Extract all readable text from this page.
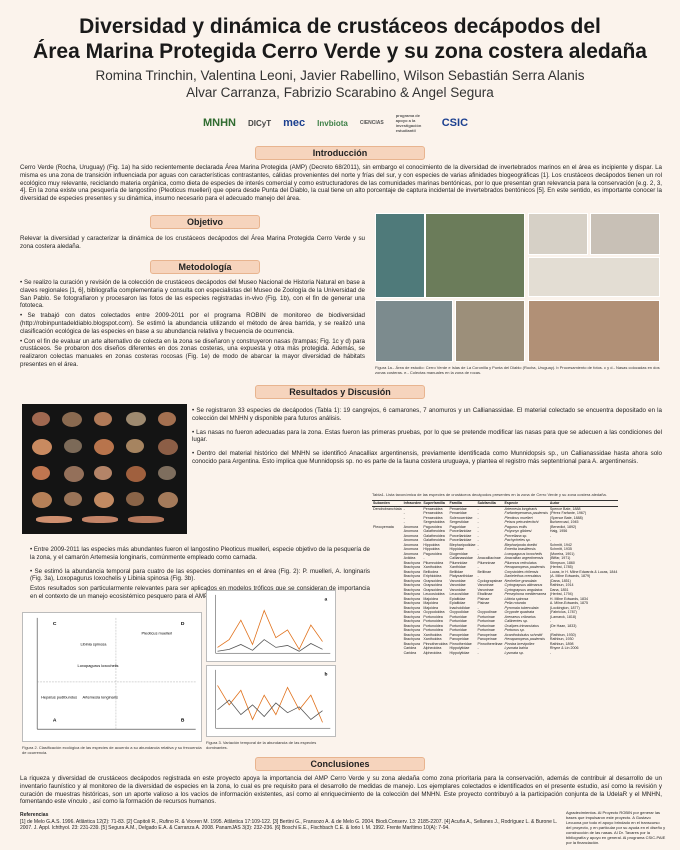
Diversidad y dinámica de crustáceos decápodos del
Área Marina Protegida Cerro Verde y su zona costera aledaña
Romina Trinchin, Valentina Leoni, Javier Rabellino, Wilson Sebastián Serra Alanis
Alvar Carranza, Fabrizio Scarabino & Angel Segura
MNHN	DICyT mec	Invbiota	CIENCIAS
programa de apoyo a la investigación estudiantil
CSIC
Introducción
Cerro Verde (Rocha, Uruguay) (Fig. 1a) ha sido recientemente declarada Área Marina Protegida (AMP) (Decreto 68/2011), sin embargo el conocimiento de la diversidad de invertebrados marinos en el área es incipiente y dispar. La misma es una zona de transición influenciada por aguas con características contrastantes, cálidas provenientes del norte y frías del sur, y con especies de varias afinidades biogeográficas [1]. Los crustáceos decápodos tienen un rol ecológico muy relevante, reciclando materia orgánica, como dieta de especies de interés comercial y como estructuradores de las comunidades marinas bentónicas, por lo que presentan gran relevancia para la conservación [e.g. 2, 3, 4]. En la zona existe una pesquería de langostino (Pleoticus muelleri) que opera desde Punta del Diablo, la cual tiene un alto porcentaje de captura incidental de invertebrados bentónicos [5]. En este sentido, es importante conocer la diversidad de especies presentes y su dinámica, insumo necesario para el adecuado manejo del área.
Objetivo
Relevar la diversidad y caracterizar la dinámica de los crustáceos decápodos del Área Marina Protegida Cerro Verde y su zona costera aledaña.
Metodología

• Se realizo la curación y revisión de la colección de crustáceos decápodos del Museo Nacional de Historia Natural en base a claves regionales [1, 6], bibliografía complementaria y consulta con especialistas del Museo de Zoología de la Universidad de San Pablo. Se fotografiaron y procesaron las fotos de las especies registradas in-vivo (Fig. 1b), con el fin de generar una fototeca.

• Se trabajó con datos colectados entre 2009-2011 por el programa ROBIN de monitoreo de biodiversidad (http://robinpuntadeldiablo.blogspot.com). Se estimó la abundancia utilizando el método de área barrida, y se realizó una clasificación ecológica de las especies en base a su abundancia relativa y frecuencia de ocurrencia.

• Con el fin de evaluar un arte alternativo de colecta en la zona se diseñaron y construyeron nasas (trampas; Fig. 1c y d) para crustáceos. Se probaron dos diseños diferentes en dos zonas costeras, una expuesta y otra más protegida. Además, se realizaron colectas manuales en zonas costeras rocosas (Fig. 1e) de modo de abarcar la mayor diversidad de hábitats presentes en el área.	Figura 1a.- Área de estudio: Cerro Verde e Islas de La Coronilla y Punta del Diablo (Rocha, Uruguay). b Procesamiento de fotos. c y d.- Nasas colocadas en dos zonas costeras. e.- Colectas manuales en la zona de rocas.
Resultados y Discusión

• Se registraron 33 especies de decápodos (Tabla 1): 19 cangrejos, 6 camarones, 7 anomuros y un Callianassidae. El material colectado se encuentra depositado en la colección del MNHN y disponible para futuros análisis.

• Las nasas no fueron adecuadas para la zona. Estas fueron las primeras pruebas, por lo que se pretende modificar las nasas para que se adecuen a las condiciones del lugar.

• Dentro del material histórico del MNHN se identificó Anacalliax argentinensis, previamente identificada como Munnidopsis sp., un Callianassidae hasta ahora solo conocido para Argentina. Esto implica que Munnidopsis sp. no es parte de la fauna costera uruguaya, y plantea el registro más septentrional para A. argentinensis.

• Entre 2009-2011 las especies más abundantes fueron el langostino Pleoticus muelleri, especie objetivo de la pesquería de la zona, y el camarón Artemesia longinaris, comúnmente empleado como carnada.

• Se estimó la abundancia temporal para cuatro de las especies dominantes en el área (Fig. 2): P. muelleri, A. longinaris (Fig. 3a), Loxopagurus loxochelis y Libinia spinosa (Fig. 3b).

Estos resultados son particularmente relevantes para ser aplicados en modelos tróficos que se consideran de importancia en el contexto de un manejo ecosistémico pesquero para el AMP.

C	D
A	B
Pleoticus muelleri
Libinia spinosa
Loxopagurus loxochelis
Hepatus pudibundus Artemesia longinaris
Figura 2. Clasificación ecológica de las especies de acuerdo a su abundancia relativa y su frecuencia de ocurrencia.
a
b
Figura 3. Variación temporal de la abundancia de las especies dominantes.
Tabla1. Lista taxonómica de las especies de crustáceos decápodos presentes en la zona de Cerro Verde y su zona costera aledaña.
Suborden	Infraorden	Superfamilia	Familia	Subfamilia	Especie	Autor
Dendrobranchiata	-	Penaeoidea	Penaeidae	-	Artemesia longinaris	Spence Bate, 1888
	-	Penaeoidea	Penaeidae	-	Farfantepenaeus paulensis	(Pérez Farfante, 1967)
	-	Penaeoidea	Solenoceridae	-	Pleoticus muelleri	(Spence Bate, 1888)
	-	Sergestoidea	Sergestidae	-	Peisos petrunkevitchi	Burkenroad, 1945
Pleocyemata	Anomura	Paguroidea	Paguridae	-	Pagurus exilis	(Benedict, 1892)
	Anomura	Galatheoidea	Porcellanidae	-	Polyonyx gibbesi	Haig, 1956
	Anomura	Galatheoidea	Porcellanidae	-	Porcellana sp.	-
	Anomura	Galatheoidea	Porcellanidae	-	Pachycheles sp.	-
	Anomura	Hippoidea	Blepharipodidae	-	Blepharipoda doelloi	Schmitt, 1942
	Anomura	Hippoidea	Hippidae	-	Emerita brasiliensis	Schmitt, 1935
	Anomura	Paguroidea	Diogenidae	-	Loxopagurus loxochelis	(Moreira, 1901)
	Axiidea	-	Callianassidae	Anacalliacinae	Anacalliax argentinensis	(Biffar, 1971)
	Brachyura	Pilumnoidea	Pilumnidae	Pilumninae	Pilumnus reticulatus	Stimpson, 1860
	Brachyura	Xanthoidea	Xanthidae	-	Hexapanopeus paulensis	(Herbst, 1785)
	Brachyura	Belliodea	Belliidae	Belliinae	Corystoides chilensis	Lucas, in H. Milne Edwards & Lucas, 1844
	Brachyura	Eriphioidea	Platyxanthidae	-	Danielethus crenulatus	(A. Milne Edwards, 1879)
	Brachyura	Grapsoidea	Varunidae	Cyclograpsinae	Neohelice granulata	(Dana, 1851)
	Brachyura	Grapsoidea	Varunidae	Varuninae	Cyrtograpsus altimanus	Rathbun, 1914
	Brachyura	Grapsoidea	Varunidae	Varuninae	Cyrtograpsus angulatus	Dana, 1851
	Brachyura	Leucosioidea	Leucosiidae	Ebaliinae	Persephona mediterranea	(Herbst, 1794)
	Brachyura	Majoidea	Epialtidae	Pisinae	Libinia spinosa	H. Milne Edwards, 1834
	Brachyura	Majoidea	Epialtidae	Pisinae	Pelia rotunda	A. Milne-Edwards, 1875
	Brachyura	Majoidea	Inachoididae	-	Pyromaia tuberculata	(Lockington, 1877)
	Brachyura	Ocypodoidea	Ocypodidae	Ocypodinae	Ocypode quadrata	(Fabricius, 1787)
	Brachyura	Portunoidea	Portunidae	Portuninae	Arenaeus cribrarius	(Lamarck, 1818)
	Brachyura	Portunoidea	Portunidae	Portuninae	Callinectes sp.	-
	Brachyura	Portunoidea	Portunidae	Portuninae	Ovalipes trimaculatus	(De Haan, 1833)
	Brachyura	Portunoidea	Portunidae	Portuninae	Portunus sp.	-
	Brachyura	Xanthoidea	Panopeidae	Panopeinae	Acantholobulus schmitti	(Rathbun, 1930)
	Brachyura	Xanthoidea	Panopeidae	Panopeinae	Hexapanopeus paulensis	Rathbun, 1930
	Brachyura	Pinnotheroidea	Pinnotheridae	Pinnotherelinae	Pinnixa brevipollex	Rathbun, 1898
	Caridea	Alpheoidea	Hippolytidae	-	Lysmata bahia	Rhyne & Lin 2006
	Caridea	Alpheoidea	Hippolytidae	-	Lysmata sp.	-
Conclusiones
La riqueza y diversidad de crustáceos decápodos registrada en este proyecto apoya la importancia del AMP Cerro Verde y su zona aledaña como zona prioritaria para la conservación, además de contribuir al desarrollo de un inventario faunístico y al monitoreo de la diversidad de especies en la zona, lo cual es pre requisito para el desarrollo de medidas de manejo. Los ejemplares colectados e identificados en el presente estudio, así como la revisión y curación de muestras históricas, son un aporte valioso a los vacíos de información existentes, así como al enriquecimiento de la colección del MNHN. Este proyecto contribuyó a la participación conjunta de la UdelaR y el MNHN, fomentando este vínculo , así como la formación de recursos humanos.
Referencias
[1] de Melo G.A.S. 1996. Atlântica 12(2): 71-83. [2] Capitoli R., Rufino R. & Vooren M. 1995. Atlântica 17:109-122. [3] Bertini G., Fransozo A. & de Melo G. 2004. Biodi.Conserv. 13: 2185-2207. [4] Acuña A., Sellanes J., Rodríguez L. & Burone L. 2007. J. Appl. Ichthyol. 23: 231-239. [5] Segura A.M., Delgado E.A. & Carranza A. 2008. PanamJAS 3(3): 232-236. [6] Boschi E.E., Fischbach C.E. & Iorio I. M. 1992. Frente Marítimo 10(A): 7-94.
Agradecimientos. Al Proyecto ROBIN por generar las bases que impulsaron este proyecto. A Gustavo Lecuona por todo el apoyo brindado en el transcurso del proyecto, y en particular por su ayuda en el diseño y construcción de las nasas. Al Dr. Tavares por la bibliografía y apoyo en general. Al programa CSIC-PAIE por la financiación.
